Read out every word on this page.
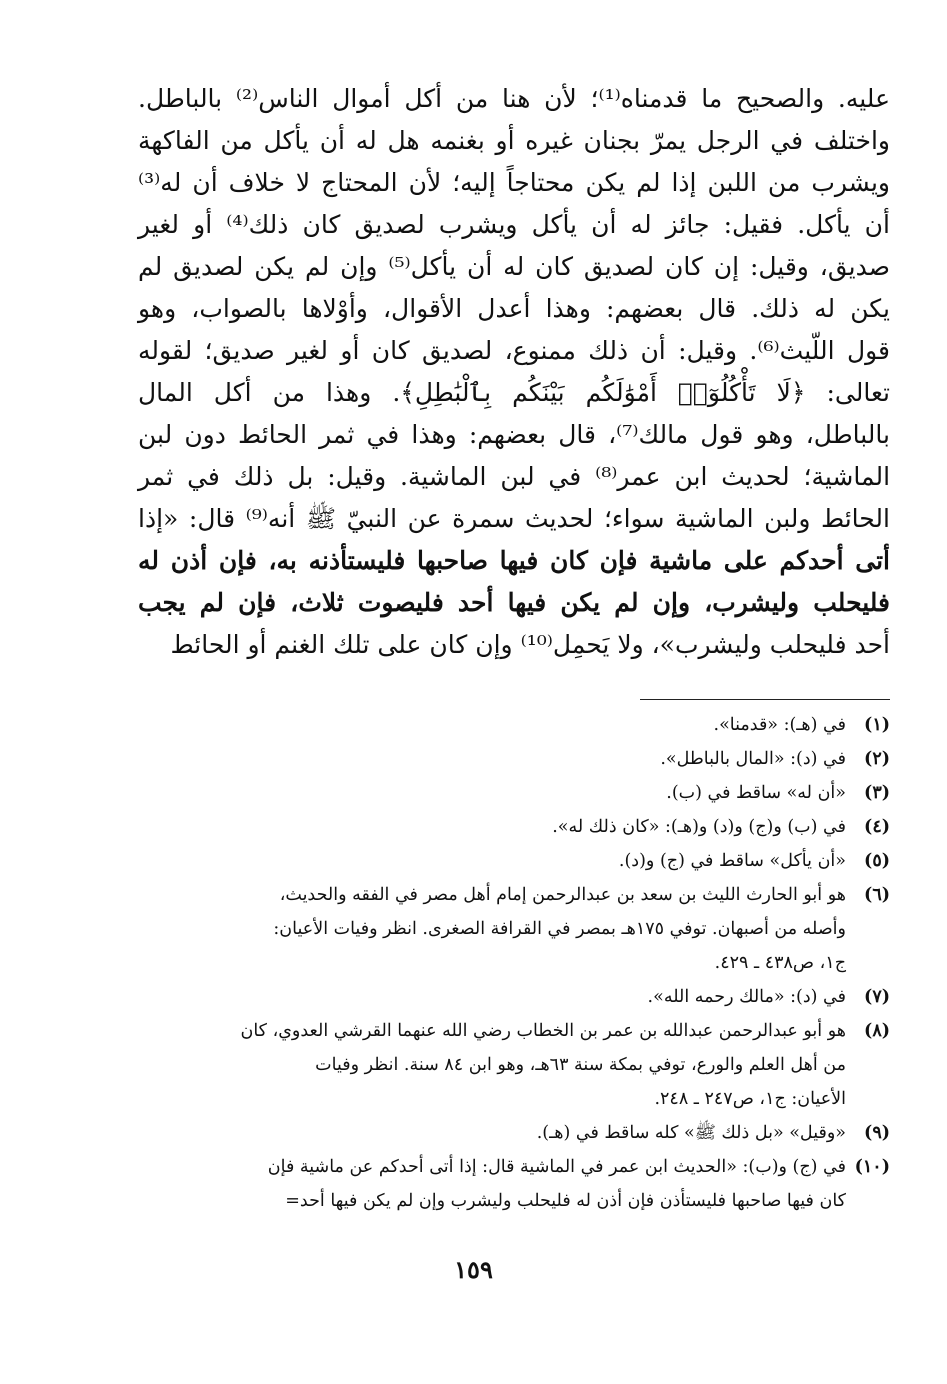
عليه. والصحيح ما قدمناه⁽¹⁾؛ لأن هنا من أكل أموال الناس⁽²⁾ بالباطل.
واختلف في الرجل يمرّ بجنان غيره أو بغنمه هل له أن يأكل من الفاكهة
ويشرب من اللبن إذا لم يكن محتاجاً إليه؛ لأن المحتاج لا خلاف أن له⁽³⁾
أن يأكل. فقيل: جائز له أن يأكل ويشرب لصديق كان ذلك⁽⁴⁾ أو لغير
صديق، وقيل: إن كان لصديق كان له أن يأكل⁽⁵⁾ وإن لم يكن لصديق لم
يكن له ذلك. قال بعضهم: وهذا أعدل الأقوال، وأوْلاها بالصواب، وهو
قول اللّيث⁽⁶⁾. وقيل: أن ذلك ممنوع، لصديق كان أو لغير صديق؛ لقوله
تعالى: ﴿لَا تَأْكُلُوٓا۟ أَمْوَٰلَكُم بَيْنَكُم بِٱلْبَٰطِلِ﴾. وهذا من أكل المال
بالباطل، وهو قول مالك⁽⁷⁾، قال بعضهم: وهذا في ثمر الحائط دون لبن
الماشية؛ لحديث ابن عمر⁽⁸⁾ في لبن الماشية. وقيل: بل ذلك في ثمر
الحائط ولبن الماشية سواء؛ لحديث سمرة عن النبيّ ﷺ أنه⁽⁹⁾ قال: «إذا
أتى أحدكم على ماشية فإن كان فيها صاحبها فليستأذنه به، فإن أذن له
فليحلب وليشرب، وإن لم يكن فيها أحد فليصوت ثلاث، فإن لم يجب
أحد فليحلب وليشرب»، ولا يَحمِل⁽¹⁰⁾ وإن كان على تلك الغنم أو الحائط
(١)في (هـ): «قدمنا».
(٢)في (د): «المال بالباطل».
(٣)«أن له» ساقط في (ب).
(٤)في (ب) و(ج) و(د) و(هـ): «كان ذلك له».
(٥)«أن يأكل» ساقط في (ج) و(د).
(٦)هو أبو الحارث الليث بن سعد بن عبدالرحمن إمام أهل مصر في الفقه والحديث،
وأصله من أصبهان. توفي ١٧٥هـ بمصر في القرافة الصغرى. انظر وفيات الأعيان:
ج١، ص٤٣٨ ـ ٤٢٩.
(٧)في (د): «مالك رحمه الله».
(٨)هو أبو عبدالرحمن عبدالله بن عمر بن الخطاب رضي الله عنهما القرشي العدوي، كان
من أهل العلم والورع، توفي بمكة سنة ٦٣هـ، وهو ابن ٨٤ سنة. انظر وفيات
الأعيان: ج١، ص٢٤٧ ـ ٢٤٨.
(٩)«وقيل» «بل ذلك ﷺ» كله ساقط في (هـ).
(١٠)في (ج) و(ب): «الحديث ابن عمر في الماشية قال: إذا أتى أحدكم عن ماشية فإن
كان فيها صاحبها فليستأذن فإن أذن له فليحلب وليشرب وإن لم يكن فيها أحد=
١٥٩
